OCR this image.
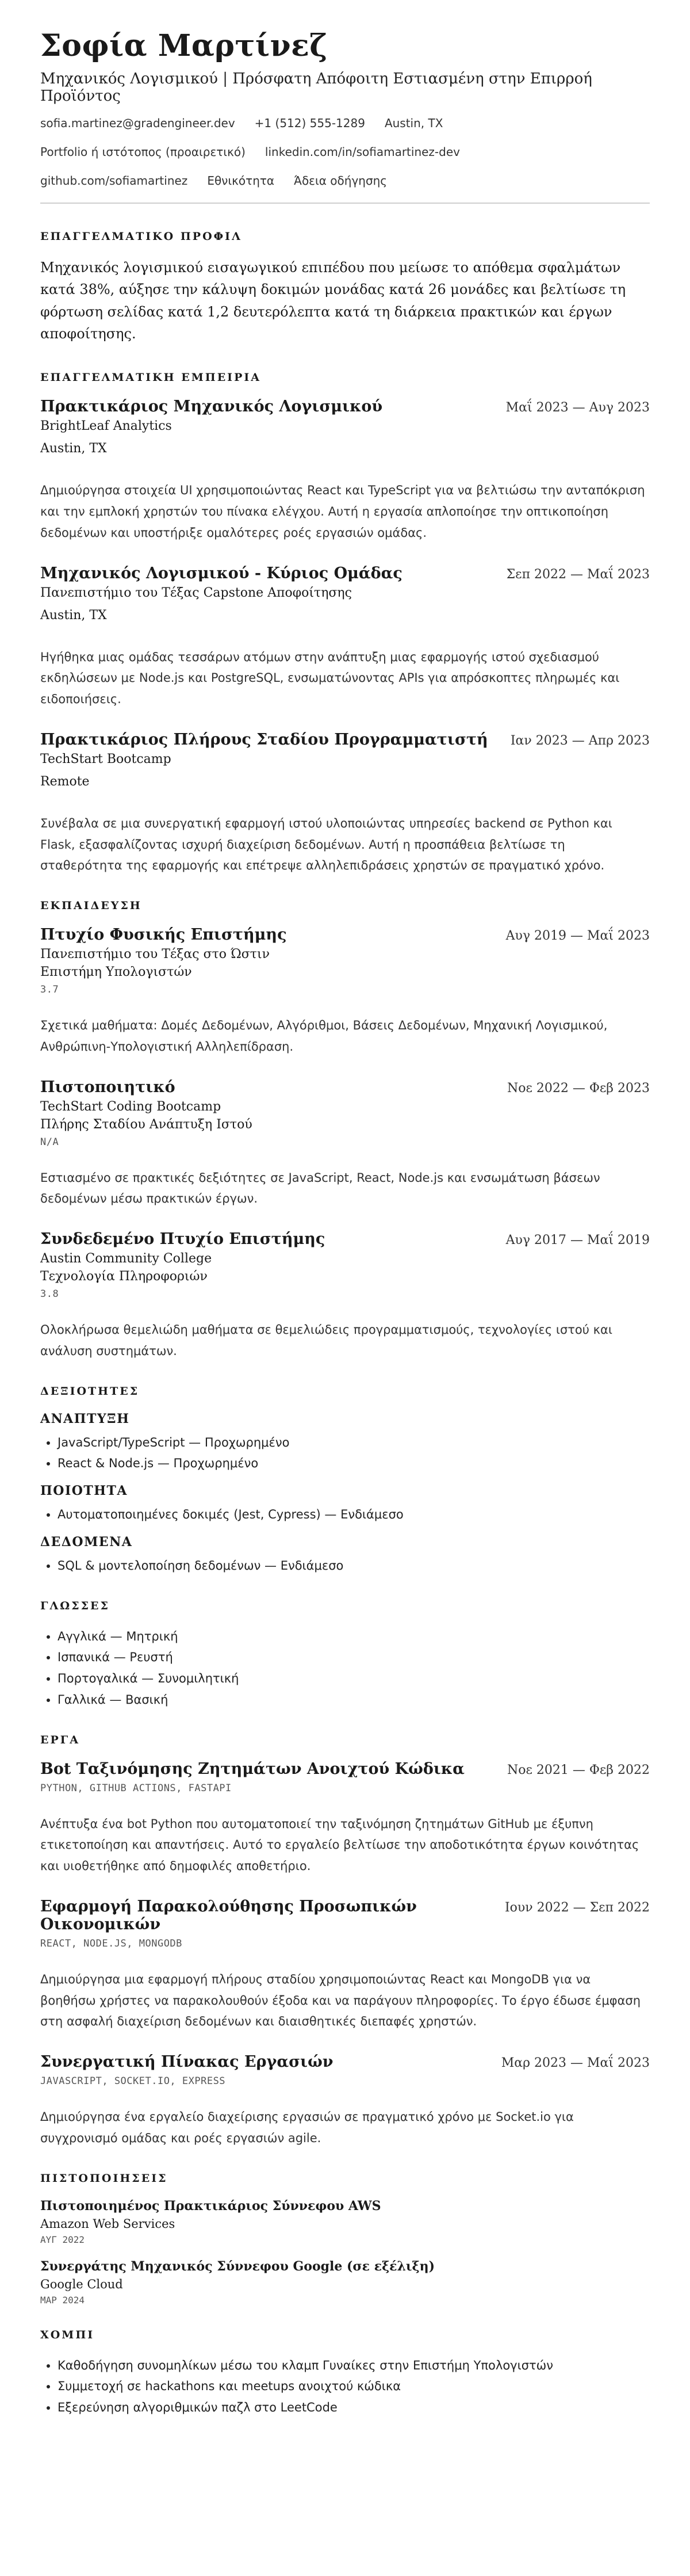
Σοφία Μαρτίνεζ
Μηχανικός Λογισμικού | Πρόσφατη Απόφοιτη Εστιασμένη στην Επιρροή Προϊόντος
sofia.martinez@gradengineer.dev +1 (512) 555-1289 Austin, TX
Portfolio ή ιστότοπος (προαιρετικό) linkedin.com/in/sofiamartinez-dev
github.com/sofiamartinez Εθνικότητα Άδεια οδήγησης
ΕΠΑΓΓΕΛΜΑΤΙΚΟ ΠΡΟΦΙΛ

Μηχανικός λογισμικού εισαγωγικού επιπέδου που μείωσε το απόθεμα σφαλμάτων κατά 38%, αύξησε την κάλυψη δοκιμών μονάδας κατά 26 μονάδες και βελτίωσε τη φόρτωση σελίδας κατά 1,2 δευτερόλεπτα κατά τη διάρκεια πρακτικών και έργων αποφοίτησης.

ΕΠΑΓΓΕΛΜΑΤΙΚΗ ΕΜΠΕΙΡΙΑ
Πρακτικάριος Μηχανικός Λογισμικού	Μαΐ 2023 — Αυγ 2023
BrightLeaf Analytics
Austin, TX
Δημιούργησα στοιχεία UI χρησιμοποιώντας React και TypeScript για να βελτιώσω την ανταπόκριση και την εμπλοκή χρηστών του πίνακα ελέγχου. Αυτή η εργασία απλοποίησε την οπτικοποίηση δεδομένων και υποστήριξε ομαλότερες ροές εργασιών ομάδας.
Μηχανικός Λογισμικού - Κύριος Ομάδας	Σεπ 2022 — Μαΐ 2023
Πανεπιστήμιο του Τέξας Capstone Αποφοίτησης
Austin, TX
Ηγήθηκα μιας ομάδας τεσσάρων ατόμων στην ανάπτυξη μιας εφαρμογής ιστού σχεδιασμού εκδηλώσεων με Node.js και PostgreSQL, ενσωματώνοντας APIs για απρόσκοπτες πληρωμές και ειδοποιήσεις.
Πρακτικάριος Πλήρους Σταδίου Προγραμματιστή Ιαν 2023 — Απρ 2023
TechStart Bootcamp
Remote
Συνέβαλα σε μια συνεργατική εφαρμογή ιστού υλοποιώντας υπηρεσίες backend σε Python και Flask, εξασφαλίζοντας ισχυρή διαχείριση δεδομένων. Αυτή η προσπάθεια βελτίωσε τη σταθερότητα της εφαρμογής και επέτρεψε αλληλεπιδράσεις χρηστών σε πραγματικό χρόνο.
ΕΚΠΑΙΔΕΥΣΗ
Πτυχίο Φυσικής Επιστήμης	Αυγ 2019 — Μαΐ 2023
Πανεπιστήμιο του Τέξας στο Ώστιν
Επιστήμη Υπολογιστών
3.7
Σχετικά μαθήματα: Δομές Δεδομένων, Αλγόριθμοι, Βάσεις Δεδομένων, Μηχανική Λογισμικού, Ανθρώπινη-Υπολογιστική Αλληλεπίδραση.
Πιστοποιητικό	Νοε 2022 — Φεβ 2023
TechStart Coding Bootcamp
Πλήρης Σταδίου Ανάπτυξη Ιστού
N/A
Εστιασμένο σε πρακτικές δεξιότητες σε JavaScript, React, Node.js και ενσωμάτωση βάσεων δεδομένων μέσω πρακτικών έργων.
Συνδεδεμένο Πτυχίο Επιστήμης	Αυγ 2017 — Μαΐ 2019
Austin Community College
Τεχνολογία Πληροφοριών
3.8
Ολοκλήρωσα θεμελιώδη μαθήματα σε θεμελιώδεις προγραμματισμούς, τεχνολογίες ιστού και ανάλυση συστημάτων.
ΔΕΞΙΟΤΗΤΕΣ
ΑΝΑΠΤΥΞΗ
• JavaScript/TypeScript — Προχωρημένο
• React & Node.js — Προχωρημένο
ΠΟΙΟΤΗΤΑ
• Αυτοματοποιημένες δοκιμές (Jest, Cypress) — Ενδιάμεσο
ΔΕΔΟΜΕΝΑ
• SQL & μοντελοποίηση δεδομένων — Ενδιάμεσο
ΓΛΩΣΣΕΣ
• Αγγλικά — Μητρική
• Ισπανικά — Ρευστή
• Πορτογαλικά — Συνομιλητική
• Γαλλικά — Βασική
ΕΡΓΑ
Bot Ταξινόμησης Ζητημάτων Ανοιχτού Κώδικα	Νοε 2021 — Φεβ 2022
PYTHON, GITHUB ACTIONS, FASTAPI
Ανέπτυξα ένα bot Python που αυτοματοποιεί την ταξινόμηση ζητημάτων GitHub με έξυπνη ετικετοποίηση και απαντήσεις. Αυτό το εργαλείο βελτίωσε την αποδοτικότητα έργων κοινότητας και υιοθετήθηκε από δημοφιλές αποθετήριο.
Εφαρμογή Παρακολούθησης Προσωπικών Οικονομικών
Ιουν 2022 — Σεπ 2022
REACT, NODE.JS, MONGODB
Δημιούργησα μια εφαρμογή πλήρους σταδίου χρησιμοποιώντας React και MongoDB για να βοηθήσω χρήστες να παρακολουθούν έξοδα και να παράγουν πληροφορίες. Το έργο έδωσε έμφαση στη ασφαλή διαχείριση δεδομένων και διαισθητικές διεπαφές χρηστών.
Συνεργατική Πίνακας Εργασιών	Μαρ 2023 — Μαΐ 2023
JAVASCRIPT, SOCKET.IO, EXPRESS
Δημιούργησα ένα εργαλείο διαχείρισης εργασιών σε πραγματικό χρόνο με Socket.io για συγχρονισμό ομάδας και ροές εργασιών agile.
ΠΙΣΤΟΠΟΙΗΣΕΙΣ
Πιστοποιημένος Πρακτικάριος Σύννεφου AWS
Amazon Web Services
ΑΥΓ 2022
Συνεργάτης Μηχανικός Σύννεφου Google (σε εξέλιξη)
Google Cloud
ΜΑΡ 2024
ΧΟΜΠΙ
• Καθοδήγηση συνομηλίκων μέσω του κλαμπ Γυναίκες στην Επιστήμη Υπολογιστών
• Συμμετοχή σε hackathons και meetups ανοιχτού κώδικα
• Εξερεύνηση αλγοριθμικών παζλ στο LeetCode
